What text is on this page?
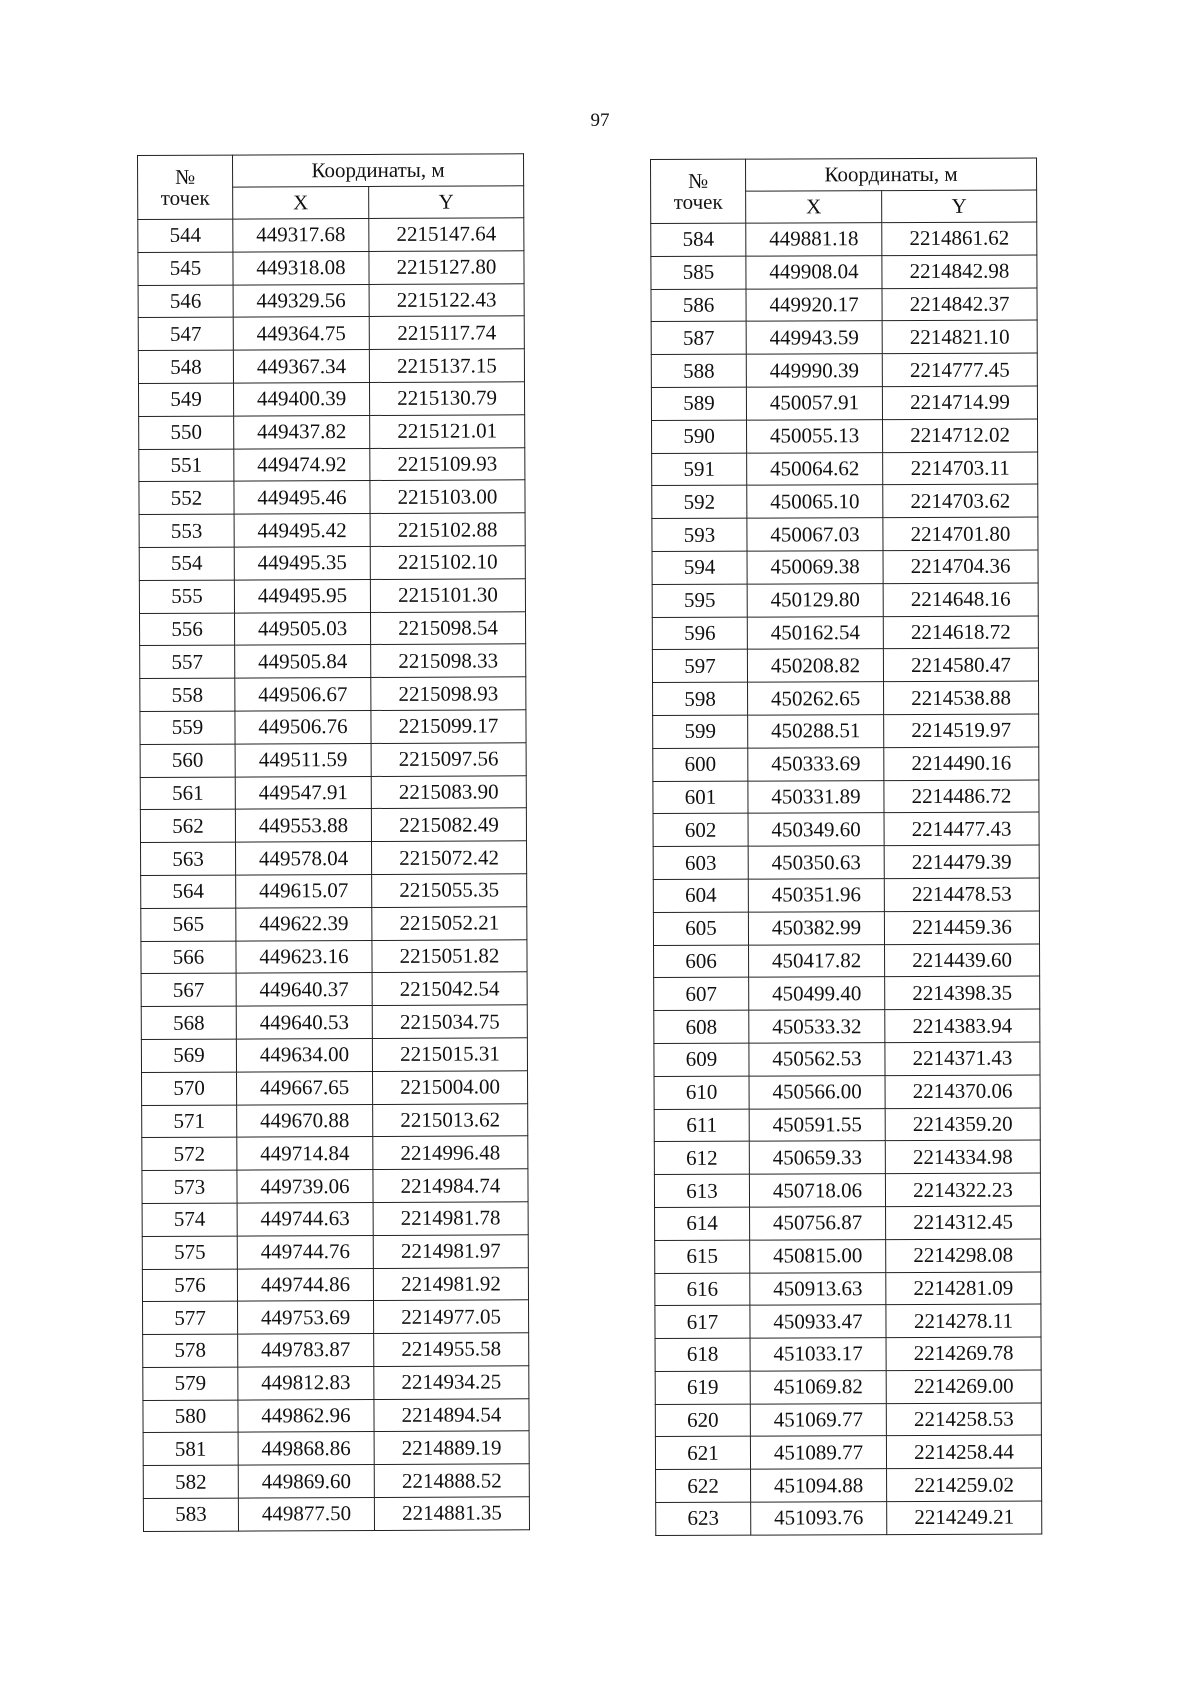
97
№
точек	Координаты, м	
	X	Y
544	449317.68	2215147.64
545	449318.08	2215127.80
546	449329.56	2215122.43
547	449364.75	2215117.74
548	449367.34	2215137.15
549	449400.39	2215130.79
550	449437.82	2215121.01
551	449474.92	2215109.93
552	449495.46	2215103.00
553	449495.42	2215102.88
554	449495.35	2215102.10
555	449495.95	2215101.30
556	449505.03	2215098.54
557	449505.84	2215098.33
558	449506.67	2215098.93
559	449506.76	2215099.17
560	449511.59	2215097.56
561	449547.91	2215083.90
562	449553.88	2215082.49
563	449578.04	2215072.42
564	449615.07	2215055.35
565	449622.39	2215052.21
566	449623.16	2215051.82
567	449640.37	2215042.54
568	449640.53	2215034.75
569	449634.00	2215015.31
570	449667.65	2215004.00
571	449670.88	2215013.62
572	449714.84	2214996.48
573	449739.06	2214984.74
574	449744.63	2214981.78
575	449744.76	2214981.97
576	449744.86	2214981.92
577	449753.69	2214977.05
578	449783.87	2214955.58
579	449812.83	2214934.25
580	449862.96	2214894.54
581	449868.86	2214889.19
582	449869.60	2214888.52
583	449877.50	2214881.35
№
точек	Координаты, м	
	X	Y
584	449881.18	2214861.62
585	449908.04	2214842.98
586	449920.17	2214842.37
587	449943.59	2214821.10
588	449990.39	2214777.45
589	450057.91	2214714.99
590	450055.13	2214712.02
591	450064.62	2214703.11
592	450065.10	2214703.62
593	450067.03	2214701.80
594	450069.38	2214704.36
595	450129.80	2214648.16
596	450162.54	2214618.72
597	450208.82	2214580.47
598	450262.65	2214538.88
599	450288.51	2214519.97
600	450333.69	2214490.16
601	450331.89	2214486.72
602	450349.60	2214477.43
603	450350.63	2214479.39
604	450351.96	2214478.53
605	450382.99	2214459.36
606	450417.82	2214439.60
607	450499.40	2214398.35
608	450533.32	2214383.94
609	450562.53	2214371.43
610	450566.00	2214370.06
611	450591.55	2214359.20
612	450659.33	2214334.98
613	450718.06	2214322.23
614	450756.87	2214312.45
615	450815.00	2214298.08
616	450913.63	2214281.09
617	450933.47	2214278.11
618	451033.17	2214269.78
619	451069.82	2214269.00
620	451069.77	2214258.53
621	451089.77	2214258.44
622	451094.88	2214259.02
623	451093.76	2214249.21
